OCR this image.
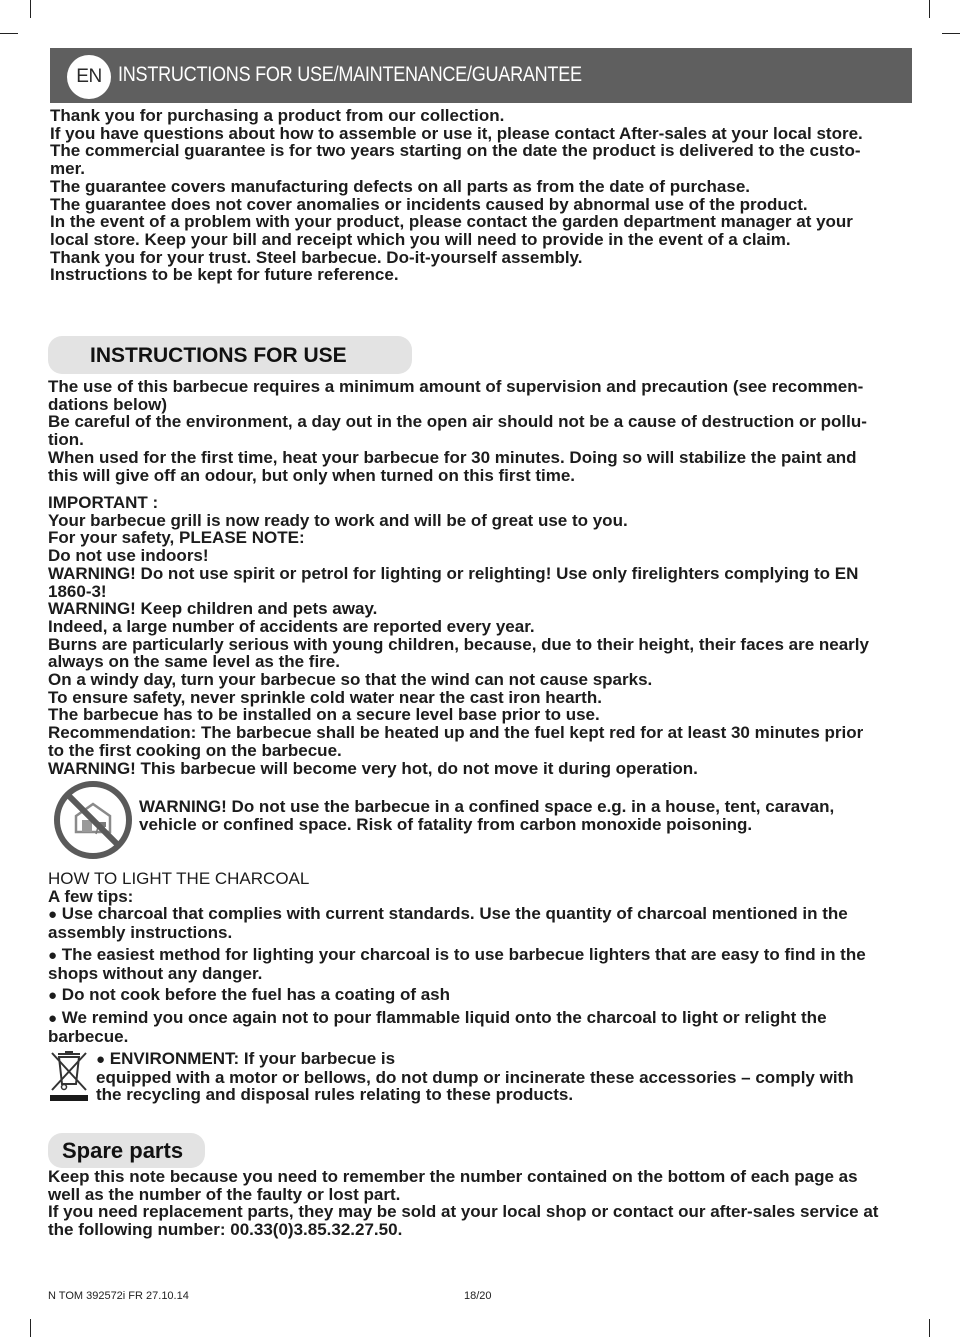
EN INSTRUCTIONS FOR USE/MAINTENANCE/GUARANTEE

Thank you for purchasing a product from our collection.

If you have questions about how to assemble or use it, please contact After-sales at your local store.

The commercial guarantee is for two years starting on the date the product is delivered to the custo-

mer.

The guarantee covers manufacturing defects on all parts as from the date of purchase.

The guarantee does not cover anomalies or incidents caused by abnormal use of the product.

In the event of a problem with your product, please contact the garden department manager at your

local store. Keep your bill and receipt which you will need to provide in the event of a claim.

Thank you for your trust. Steel barbecue. Do-it-yourself assembly.

Instructions to be kept for future reference.

INSTRUCTIONS FOR USE

The use of this barbecue requires a minimum amount of supervision and precaution (see recommen-

dations below)

Be careful of the environment, a day out in the open air should not be a cause of destruction or pollu-

tion.

When used for the first time, heat your barbecue for 30 minutes. Doing so will stabilize the paint and

this will give off an odour, but only when turned on this first time.

IMPORTANT :

Your barbecue grill is now ready to work and will be of great use to you.

For your safety, PLEASE NOTE:

Do not use indoors!

WARNING! Do not use spirit or petrol for lighting or relighting! Use only firelighters complying to EN

1860-3!

WARNING! Keep children and pets away.

Indeed, a large number of accidents are reported every year.

Burns are particularly serious with young children, because, due to their height, their faces are nearly

always on the same level as the fire.

On a windy day, turn your barbecue so that the wind can not cause sparks.

To ensure safety, never sprinkle cold water near the cast iron hearth.

The barbecue has to be installed on a secure level base prior to use.

Recommendation: The barbecue shall be heated up and the fuel kept red for at least 30 minutes prior

to the first cooking on the barbecue.

WARNING! This barbecue will become very hot, do not move it during operation.

WARNING! Do not use the barbecue in a confined space e.g. in a house, tent, caravan,

vehicle or confined space. Risk of fatality from carbon monoxide poisoning.

HOW TO LIGHT THE CHARCOAL

A few tips:

● Use charcoal that complies with current standards. Use the quantity of charcoal mentioned in the

assembly instructions.

● The easiest method for lighting your charcoal is to use barbecue lighters that are easy to find in the

shops without any danger.

● Do not cook before the fuel has a coating of ash

● We remind you once again not to pour flammable liquid onto the charcoal to light or relight the

barbecue.

● ENVIRONMENT: If your barbecue is

equipped with a motor or bellows, do not dump or incinerate these accessories – comply with

the recycling and disposal rules relating to these products.

Spare parts

Keep this note because you need to remember the number contained on the bottom of each page as

well as the number of the faulty or lost part.

If you need replacement parts, they may be sold at your local shop or contact our after-sales service at

the following number: 00.33(0)3.85.32.27.50.

N TOM 392572i FR 27.10.14	18/20
